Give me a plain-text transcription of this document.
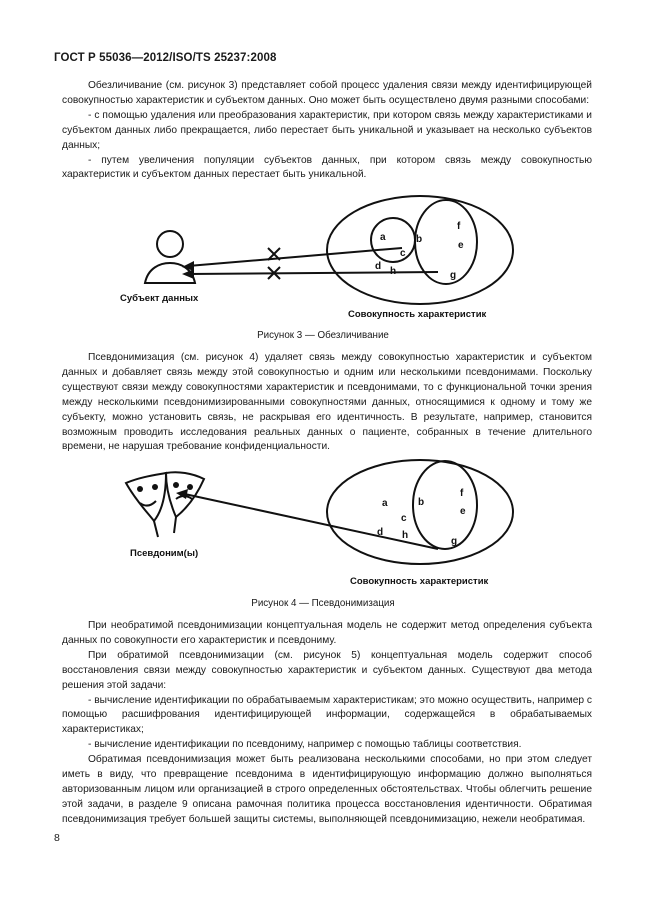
ГОСТ Р 55036—2012/ISO/TS 25237:2008

Обезличивание (см. рисунок 3) представляет собой процесс удаления связи между идентифицирующей совокупностью характеристик и субъектом данных. Оно может быть осуществлено двумя разными способами:

- с помощью удаления или преобразования характеристик, при котором связь между характеристиками и субъектом данных либо прекращается, либо перестает быть уникальной и указывает на несколько субъектов данных;

- путем увеличения популяции субъектов данных, при котором связь между совокупностью характеристик и субъектом данных перестает быть уникальной.

a	b
c
d
e
f
g
h
Субъект данных
Совокупность характеристик
Рисунок 3 — Обезличивание

Псевдонимизация (см. рисунок 4) удаляет связь между совокупностью характеристик и субъектом данных и добавляет связь между этой совокупностью и одним или несколькими псевдонимами. Поскольку существуют связи между совокупностями характеристик и псевдонимами, то с функциональной точки зрения между несколькими псевдонимизированными совокупностями данных, относящимися к одному и тому же субъекту, можно установить связь, не раскрывая его идентичность. В результате, например, становится возможным проводить исследования реальных данных о пациенте, собранных в течение длительного времени, не нарушая требование конфиденциальности.

a	b
c
d
e
f
g
h
Псевдоним(ы)
Совокупность характеристик
Рисунок 4 — Псевдонимизация

При необратимой псевдонимизации концептуальная модель не содержит метод определения субъекта данных по совокупности его характеристик и псевдониму.

При обратимой псевдонимизации (см. рисунок 5) концептуальная модель содержит способ восстановления связи между совокупностью характеристик и субъектом данных. Существуют два метода решения этой задачи:

- вычисление идентификации по обрабатываемым характеристикам; это можно осуществить, например с помощью расшифрования идентифицирующей информации, содержащейся в обрабатываемых характеристиках;

- вычисление идентификации по псевдониму, например с помощью таблицы соответствия.

Обратимая псевдонимизация может быть реализована несколькими способами, но при этом следует иметь в виду, что превращение псевдонима в идентифицирующую информацию должно выполняться авторизованным лицом или организацией в строго определенных обстоятельствах. Чтобы облегчить решение этой задачи, в разделе 9 описана рамочная политика процесса восстановления идентичности. Обратимая псевдонимизация требует большей защиты системы, выполняющей псевдонимизацию, нежели необратимая.

8
